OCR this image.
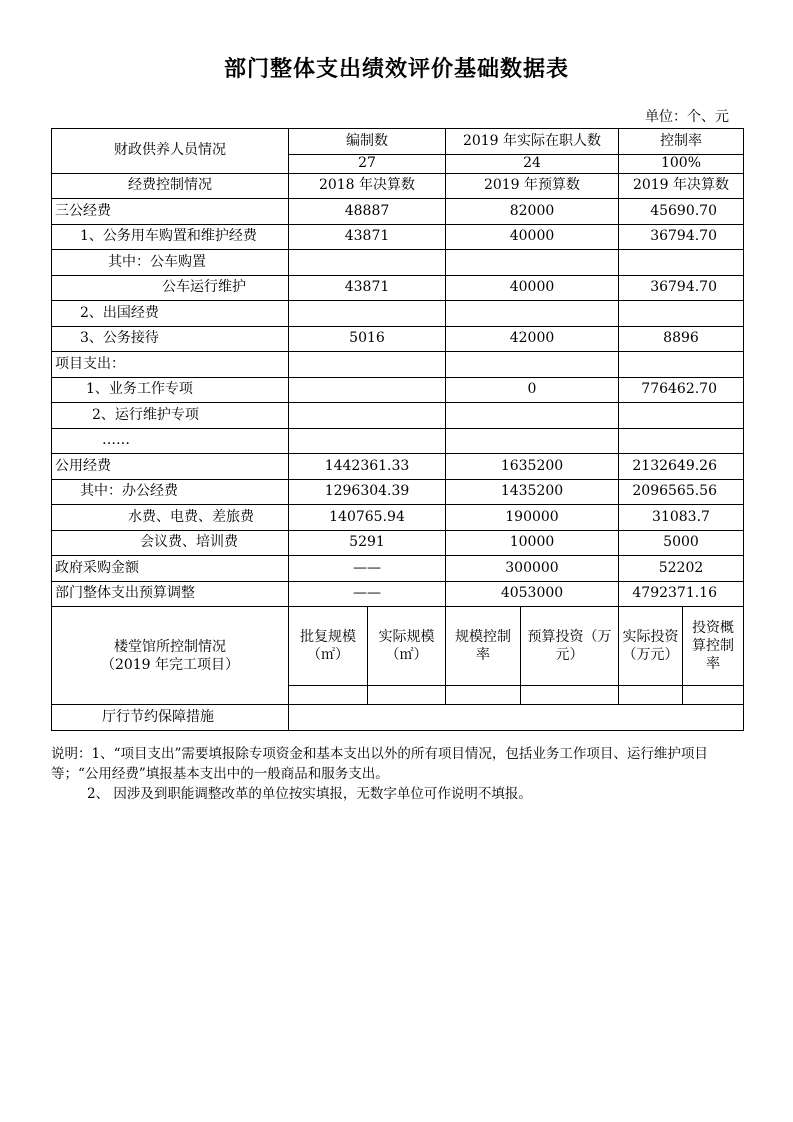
部门整体支出绩效评价基础数据表
单位：个、元
财政供养人员情况	编制数		2019 年实际在职人数		控制率	
	27		24		100%	
经费控制情况	2018 年决算数		2019 年预算数		2019 年决算数	
三公经费	48887		82000		45690.70	
1、公务用车购置和维护经费	43871		40000		36794.70	
其中：公车购置						
公车运行维护	43871		40000		36794.70	
2、出国经费						
3、公务接待	5016		42000		8896	
项目支出：						
1、业务工作专项			0		776462.70	
2、运行维护专项						
……						
公用经费	1442361.33		1635200		2132649.26	
其中：办公经费	1296304.39		1435200		2096565.56	
水费、电费、差旅费	140765.94		190000		31083.7	
会议费、培训费	5291		10000		5000	
政府采购金额	——		300000		52202	
部门整体支出预算调整	——		4053000		4792371.16	

楼堂馆所控制情况
（2019 年完工项目）	批复规模（㎡）	实际规模（㎡）	规模控制率	预算投资（万元）	实际投资（万元）	投资概算控制率

厅行节约保障措施						

说明：1、“项目支出”需要填报除专项资金和基本支出以外的所有项目情况，包括业务工作项目、运行维护项目等；“公用经费”填报基本支出中的一般商品和服务支出。

2、 因涉及到职能调整改革的单位按实填报，无数字单位可作说明不填报。
